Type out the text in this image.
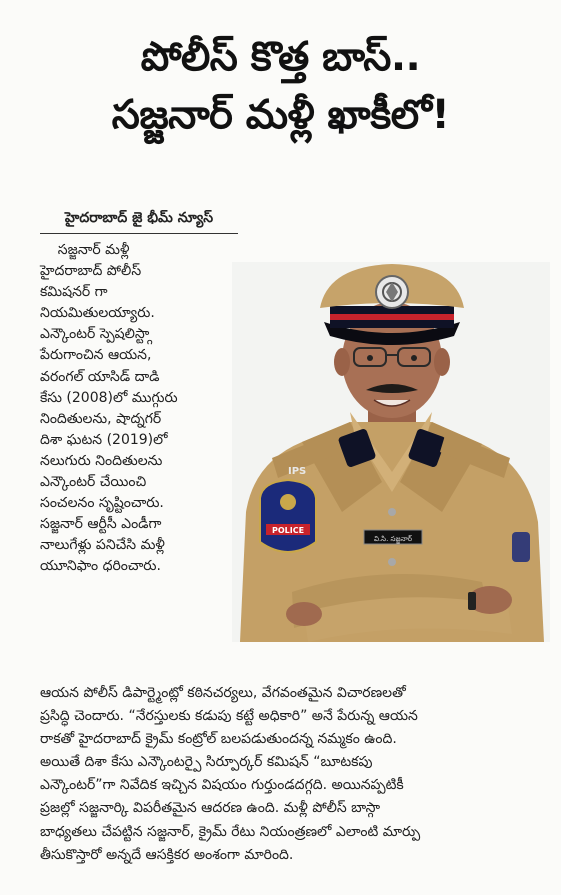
పోలీస్ కొత్త బాస్..
సజ్జనార్ మళ్లీ ఖాకీలో!
హైదరాబాద్ జై భీమ్ న్యూస్
సజ్జనార్ మళ్లీ
హైదరాబాద్ పోలీస్
కమిషనర్ గా
నియమితులయ్యారు.
ఎన్కౌంటర్ స్పెషలిస్ట్గా
పేరుగాంచిన ఆయన,
వరంగల్ యాసిడ్ దాడి
కేసు (2008)లో ముగ్గురు
నిందితులను, షాద్నగర్
దిశా ఘటన (2019)లో
నలుగురు నిందితులను
ఎన్కౌంటర్ చేయించి
సంచలనం సృష్టించారు.
సజ్జనార్ ఆర్టీసీ ఎండీగా
నాలుగేళ్లు పనిచేసి మళ్లీ
యూనిఫాం ధరించారు.
IPS
POLICE
వి.సి. సజ్జనార్
ఆయన పోలీస్ డిపార్ట్మెంట్లో కఠినచర్యలు, వేగవంతమైన విచారణలతో
ప్రసిద్ధి చెందారు. “నేరస్తులకు కడుపు కట్టే అధికారి” అనే పేరున్న ఆయన
రాకతో హైదరాబాద్ క్రైమ్ కంట్రోల్ బలపడుతుందన్న నమ్మకం ఉంది.
అయితే దిశా కేసు ఎన్కౌంటర్పై సిర్పూర్కర్ కమిషన్ “బూటకపు
ఎన్కౌంటర్”గా నివేదిక ఇచ్చిన విషయం గుర్తుండదగ్గది. అయినప్పటికీ
ప్రజల్లో సజ్జనార్కి విపరీతమైన ఆదరణ ఉంది. మళ్లీ పోలీస్ బాస్గా
బాధ్యతలు చేపట్టిన సజ్జనార్, క్రైమ్ రేటు నియంత్రణలో ఎలాంటి మార్పు
తీసుకొస్తారో అన్నదే ఆసక్తికర అంశంగా మారింది.
